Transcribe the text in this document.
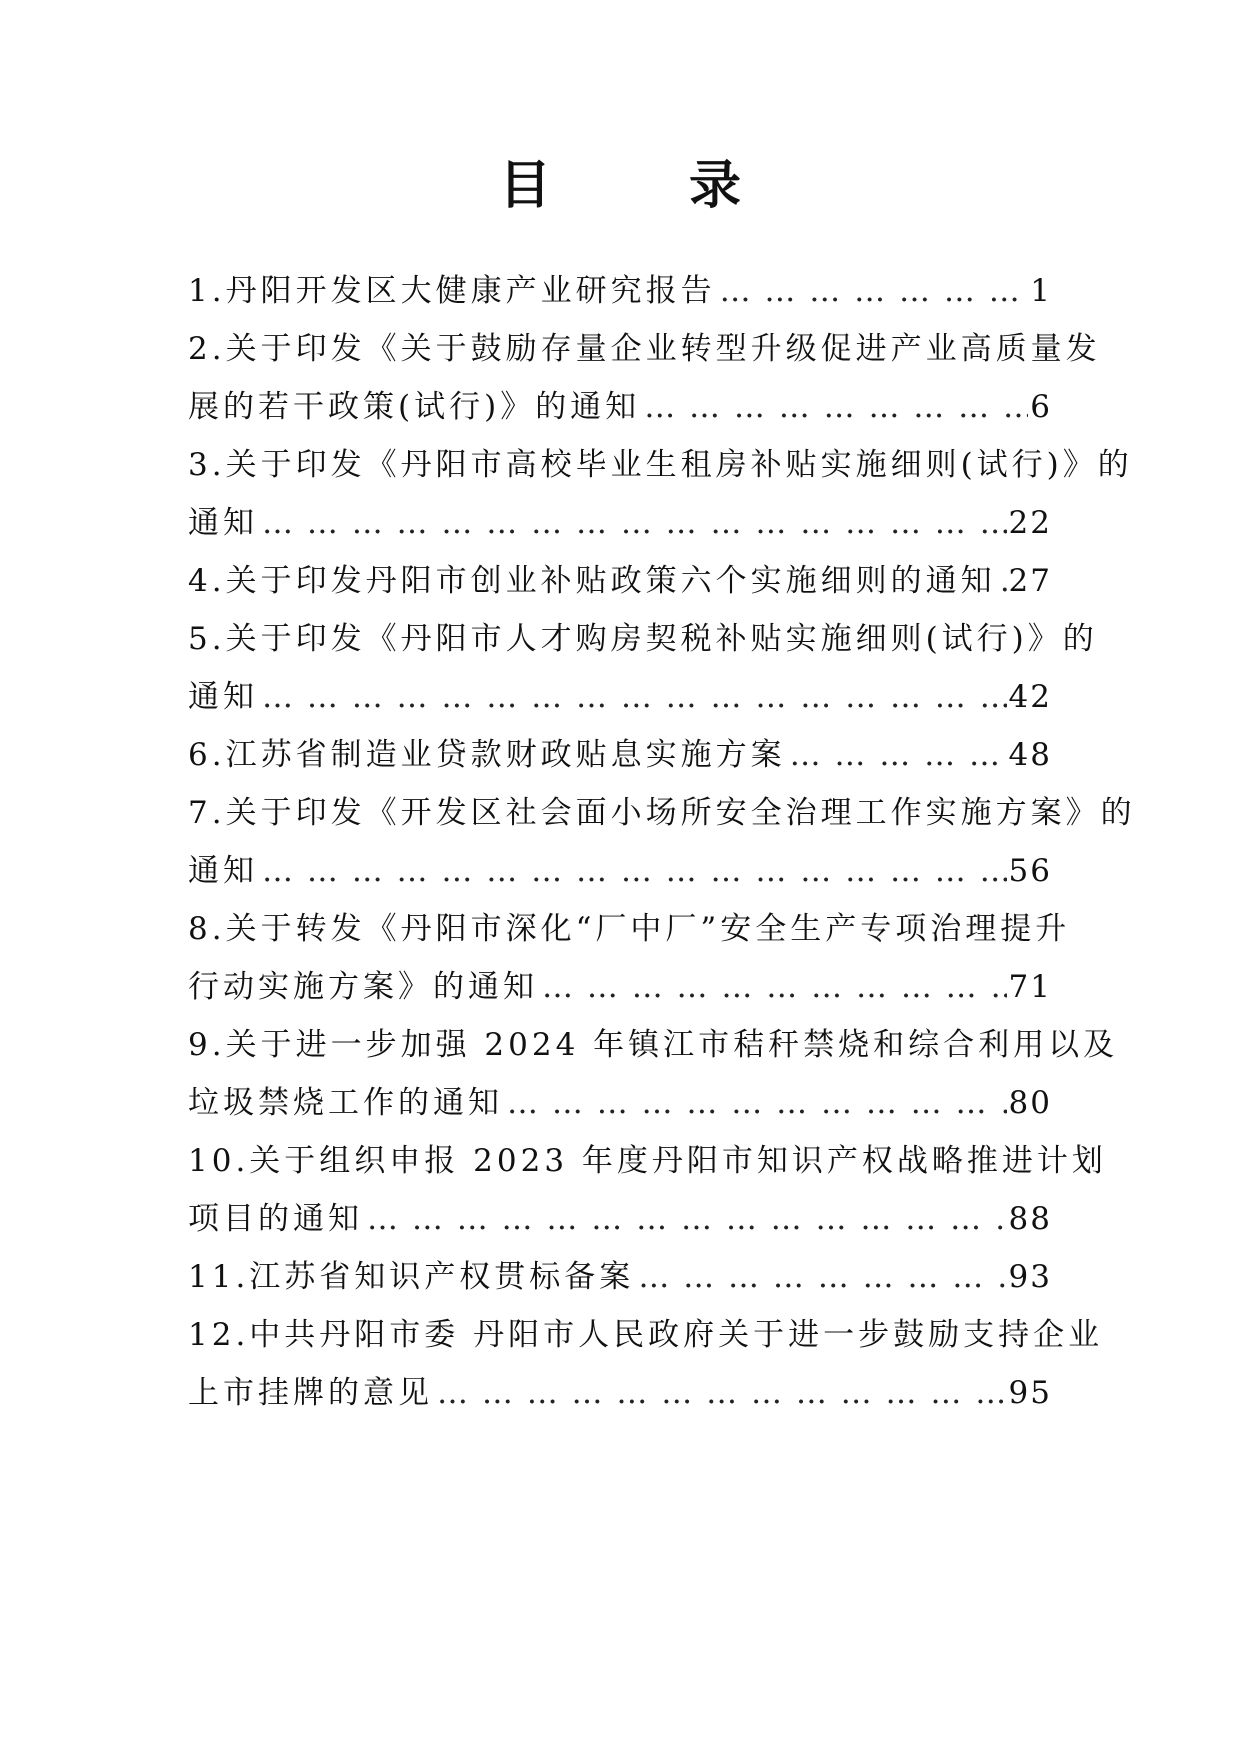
目 录
1.丹阳开发区大健康产业研究报告 … … … … … … … … … … … … … … … … … … … … … … … … … … … … … … … … … … … … … … … … … … … … …	1
2.关于印发《关于鼓励存量企业转型升级促进产业高质量发
展的若干政策(试行)》的通知 … … … … … … … … … … … … … … … … … … … … … … … … … … … … … … … … … … … … … … … … … … … … …	6
3.关于印发《丹阳市高校毕业生租房补贴实施细则(试行)》的
通知 … … … … … … … … … … … … … … … … … … … … … … … … … … … … … … … … … … … … … … … … … … … … …	22
4.关于印发丹阳市创业补贴政策六个实施细则的通知 … … … … … … … … … … … … … … … … … … … … … … … … … … … … … … … … … … … … … … … … … … … … … 27
5.关于印发《丹阳市人才购房契税补贴实施细则(试行)》的
通知 … … … … … … … … … … … … … … … … … … … … … … … … … … … … … … … … … … … … … … … … … … … … …	42
6.江苏省制造业贷款财政贴息实施方案 … … … … … … … … … … … … … … … … … … … … … … … … … … … … … … … … … … … … … … … … … … … … …	48
7.关于印发《开发区社会面小场所安全治理工作实施方案》的
通知 … … … … … … … … … … … … … … … … … … … … … … … … … … … … … … … … … … … … … … … … … … … … …	56
8.关于转发《丹阳市深化“厂中厂”安全生产专项治理提升
行动实施方案》的通知 … … … … … … … … … … … … … … … … … … … … … … … … … … … … … … … … … … … … … … … … … … … … …	71
9.关于进一步加强 2024 年镇江市秸秆禁烧和综合利用以及
垃圾禁烧工作的通知 … … … … … … … … … … … … … … … … … … … … … … … … … … … … … … … … … … … … … … … … … … … … …	80
10.关于组织申报 2023 年度丹阳市知识产权战略推进计划
项目的通知 … … … … … … … … … … … … … … … … … … … … … … … … … … … … … … … … … … … … … … … … … … … … …	88
11.江苏省知识产权贯标备案 … … … … … … … … … … … … … … … … … … … … … … … … … … … … … … … … … … … … … … … … … … … … …	93
12.中共丹阳市委 丹阳市人民政府关于进一步鼓励支持企业
上市挂牌的意见 … … … … … … … … … … … … … … … … … … … … … … … … … … … … … … … … … … … … … … … … … … … … …	95
